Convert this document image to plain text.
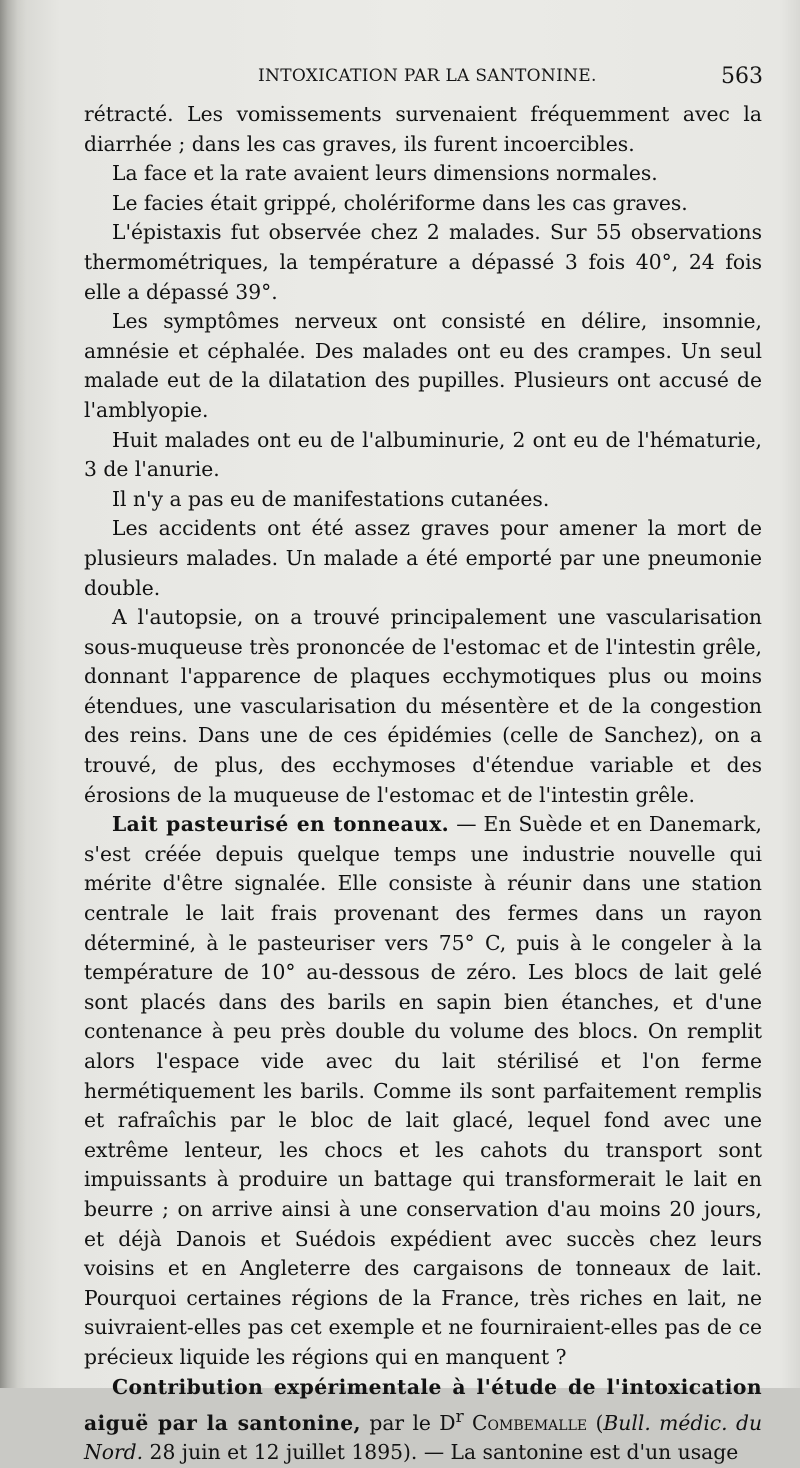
INTOXICATION PAR LA SANTONINE.	563

rétracté. Les vomissements survenaient fréquemment avec la diarrhée ; dans les cas graves, ils furent incoercibles.

La face et la rate avaient leurs dimensions normales.

Le facies était grippé, cholériforme dans les cas graves.

L'épistaxis fut observée chez 2 malades. Sur 55 observations thermométriques, la température a dépassé 3 fois 40°, 24 fois elle a dépassé 39°.

Les symptômes nerveux ont consisté en délire, insomnie, amnésie et céphalée. Des malades ont eu des crampes. Un seul malade eut de la dilatation des pupilles. Plusieurs ont accusé de l'amblyopie.

Huit malades ont eu de l'albuminurie, 2 ont eu de l'hématurie, 3 de l'anurie.

Il n'y a pas eu de manifestations cutanées.

Les accidents ont été assez graves pour amener la mort de plusieurs malades. Un malade a été emporté par une pneumonie double.

A l'autopsie, on a trouvé principalement une vascularisation sous-muqueuse très prononcée de l'estomac et de l'intestin grêle, donnant l'apparence de plaques ecchymotiques plus ou moins étendues, une vascularisation du mésentère et de la congestion des reins. Dans une de ces épidémies (celle de Sanchez), on a trouvé, de plus, des ecchymoses d'étendue variable et des érosions de la muqueuse de l'estomac et de l'intestin grêle.

Lait pasteurisé en tonneaux. — En Suède et en Danemark, s'est créée depuis quelque temps une industrie nouvelle qui mérite d'être signalée. Elle consiste à réunir dans une station centrale le lait frais provenant des fermes dans un rayon déterminé, à le pasteuriser vers 75° C, puis à le congeler à la température de 10° au-dessous de zéro. Les blocs de lait gelé sont placés dans des barils en sapin bien étanches, et d'une contenance à peu près double du volume des blocs. On remplit alors l'espace vide avec du lait stérilisé et l'on ferme hermétiquement les barils. Comme ils sont parfaitement remplis et rafraîchis par le bloc de lait glacé, lequel fond avec une extrême lenteur, les chocs et les cahots du transport sont impuissants à produire un battage qui transformerait le lait en beurre ; on arrive ainsi à une conservation d'au moins 20 jours, et déjà Danois et Suédois expédient avec succès chez leurs voisins et en Angleterre des cargaisons de tonneaux de lait. Pourquoi certaines régions de la France, très riches en lait, ne suivraient-elles pas cet exemple et ne fourniraient-elles pas de ce précieux liquide les régions qui en manquent ?

Contribution expérimentale à l'étude de l'intoxication aiguë par la santonine, par le $D^r$ Combemalle (Bull. médic. du Nord. 28 juin et 12 juillet 1895). — La santonine est d'un usage
